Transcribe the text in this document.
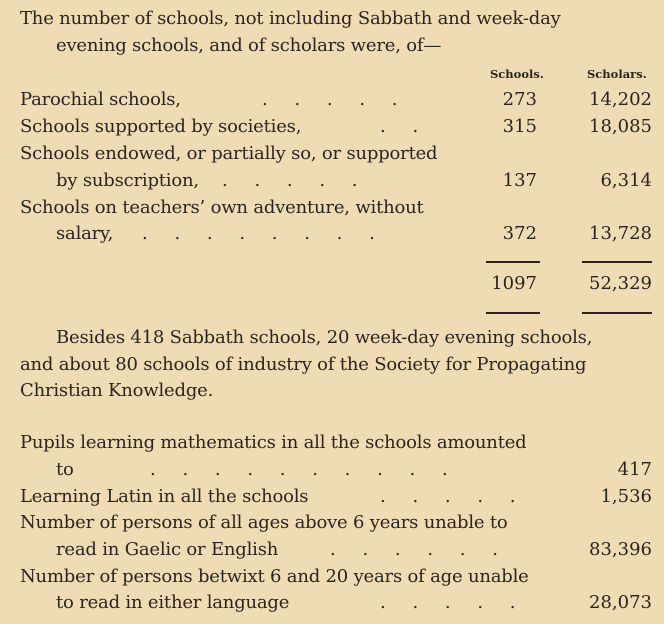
The number of schools, not including Sabbath and week-day
evening schools, and of scholars were, of—
Schools.	Scholars.
Parochial schools,	. . . . .	273	14,202
Schools supported by societies,	. .	315	18,085
Schools endowed, or partially so, or supported
by subscription, . . . . .	137	6,314
Schools on teachers’ own adventure, without
salary, . . . . . . . .	372	13,728
1097	52,329
Besides 418 Sabbath schools, 20 week-day evening schools,
and about 80 schools of industry of the Society for Propagating
Christian Knowledge.
Pupils learning mathematics in all the schools amounted
to	. . . . . . . . . .	417
Learning Latin in all the schools	. . . . .	1,536
Number of persons of all ages above 6 years unable to
read in Gaelic or English	. . . . . .	83,396
Number of persons betwixt 6 and 20 years of age unable
to read in either language	. . . . .	28,073
